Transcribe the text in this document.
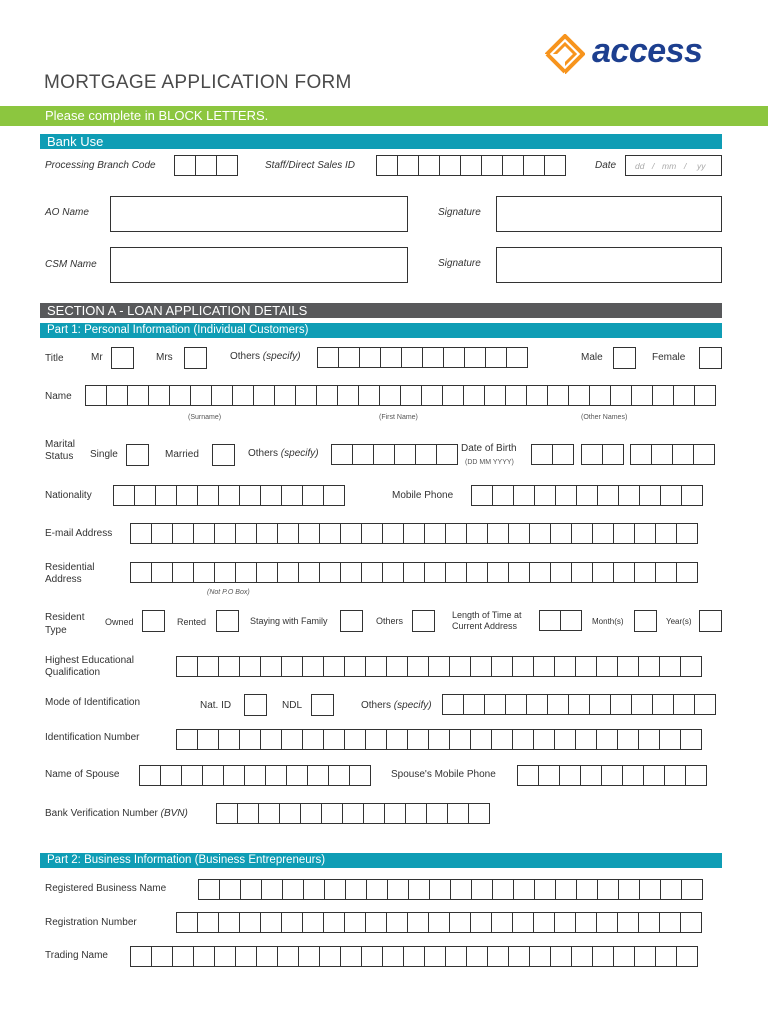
access
MORTGAGE APPLICATION FORM
Please complete in BLOCK LETTERS.
Bank Use
Processing Branch Code	Staff/Direct Sales ID	Date dd / mm / yy
AO Name	Signature
CSM Name	Signature
SECTION A - LOAN APPLICATION DETAILS
Part 1: Personal Information (Individual Customers)
Title	Mr	Mrs	Others (specify)	Male	Female
Name
(Surname)	(First Name)	(Other Names)
Marital
Status Single	Married	Others (specify)	Date of Birth
(DD MM YYYY)
Nationality	Mobile Phone
E-mail Address
Residential
Address
(Not P.O Box)
Resident
Type
Owned	Rented	Staying with Family	Others
Length of Time at
Current Address	Month(s)	Year(s)
Highest Educational
Qualification
Mode of Identification	Nat. ID	NDL	Others (specify)
Identification Number
Name of Spouse	Spouse's Mobile Phone
Bank Verification Number (BVN)
Part 2: Business Information (Business Entrepreneurs)
Registered Business Name
Registration Number
Trading Name
